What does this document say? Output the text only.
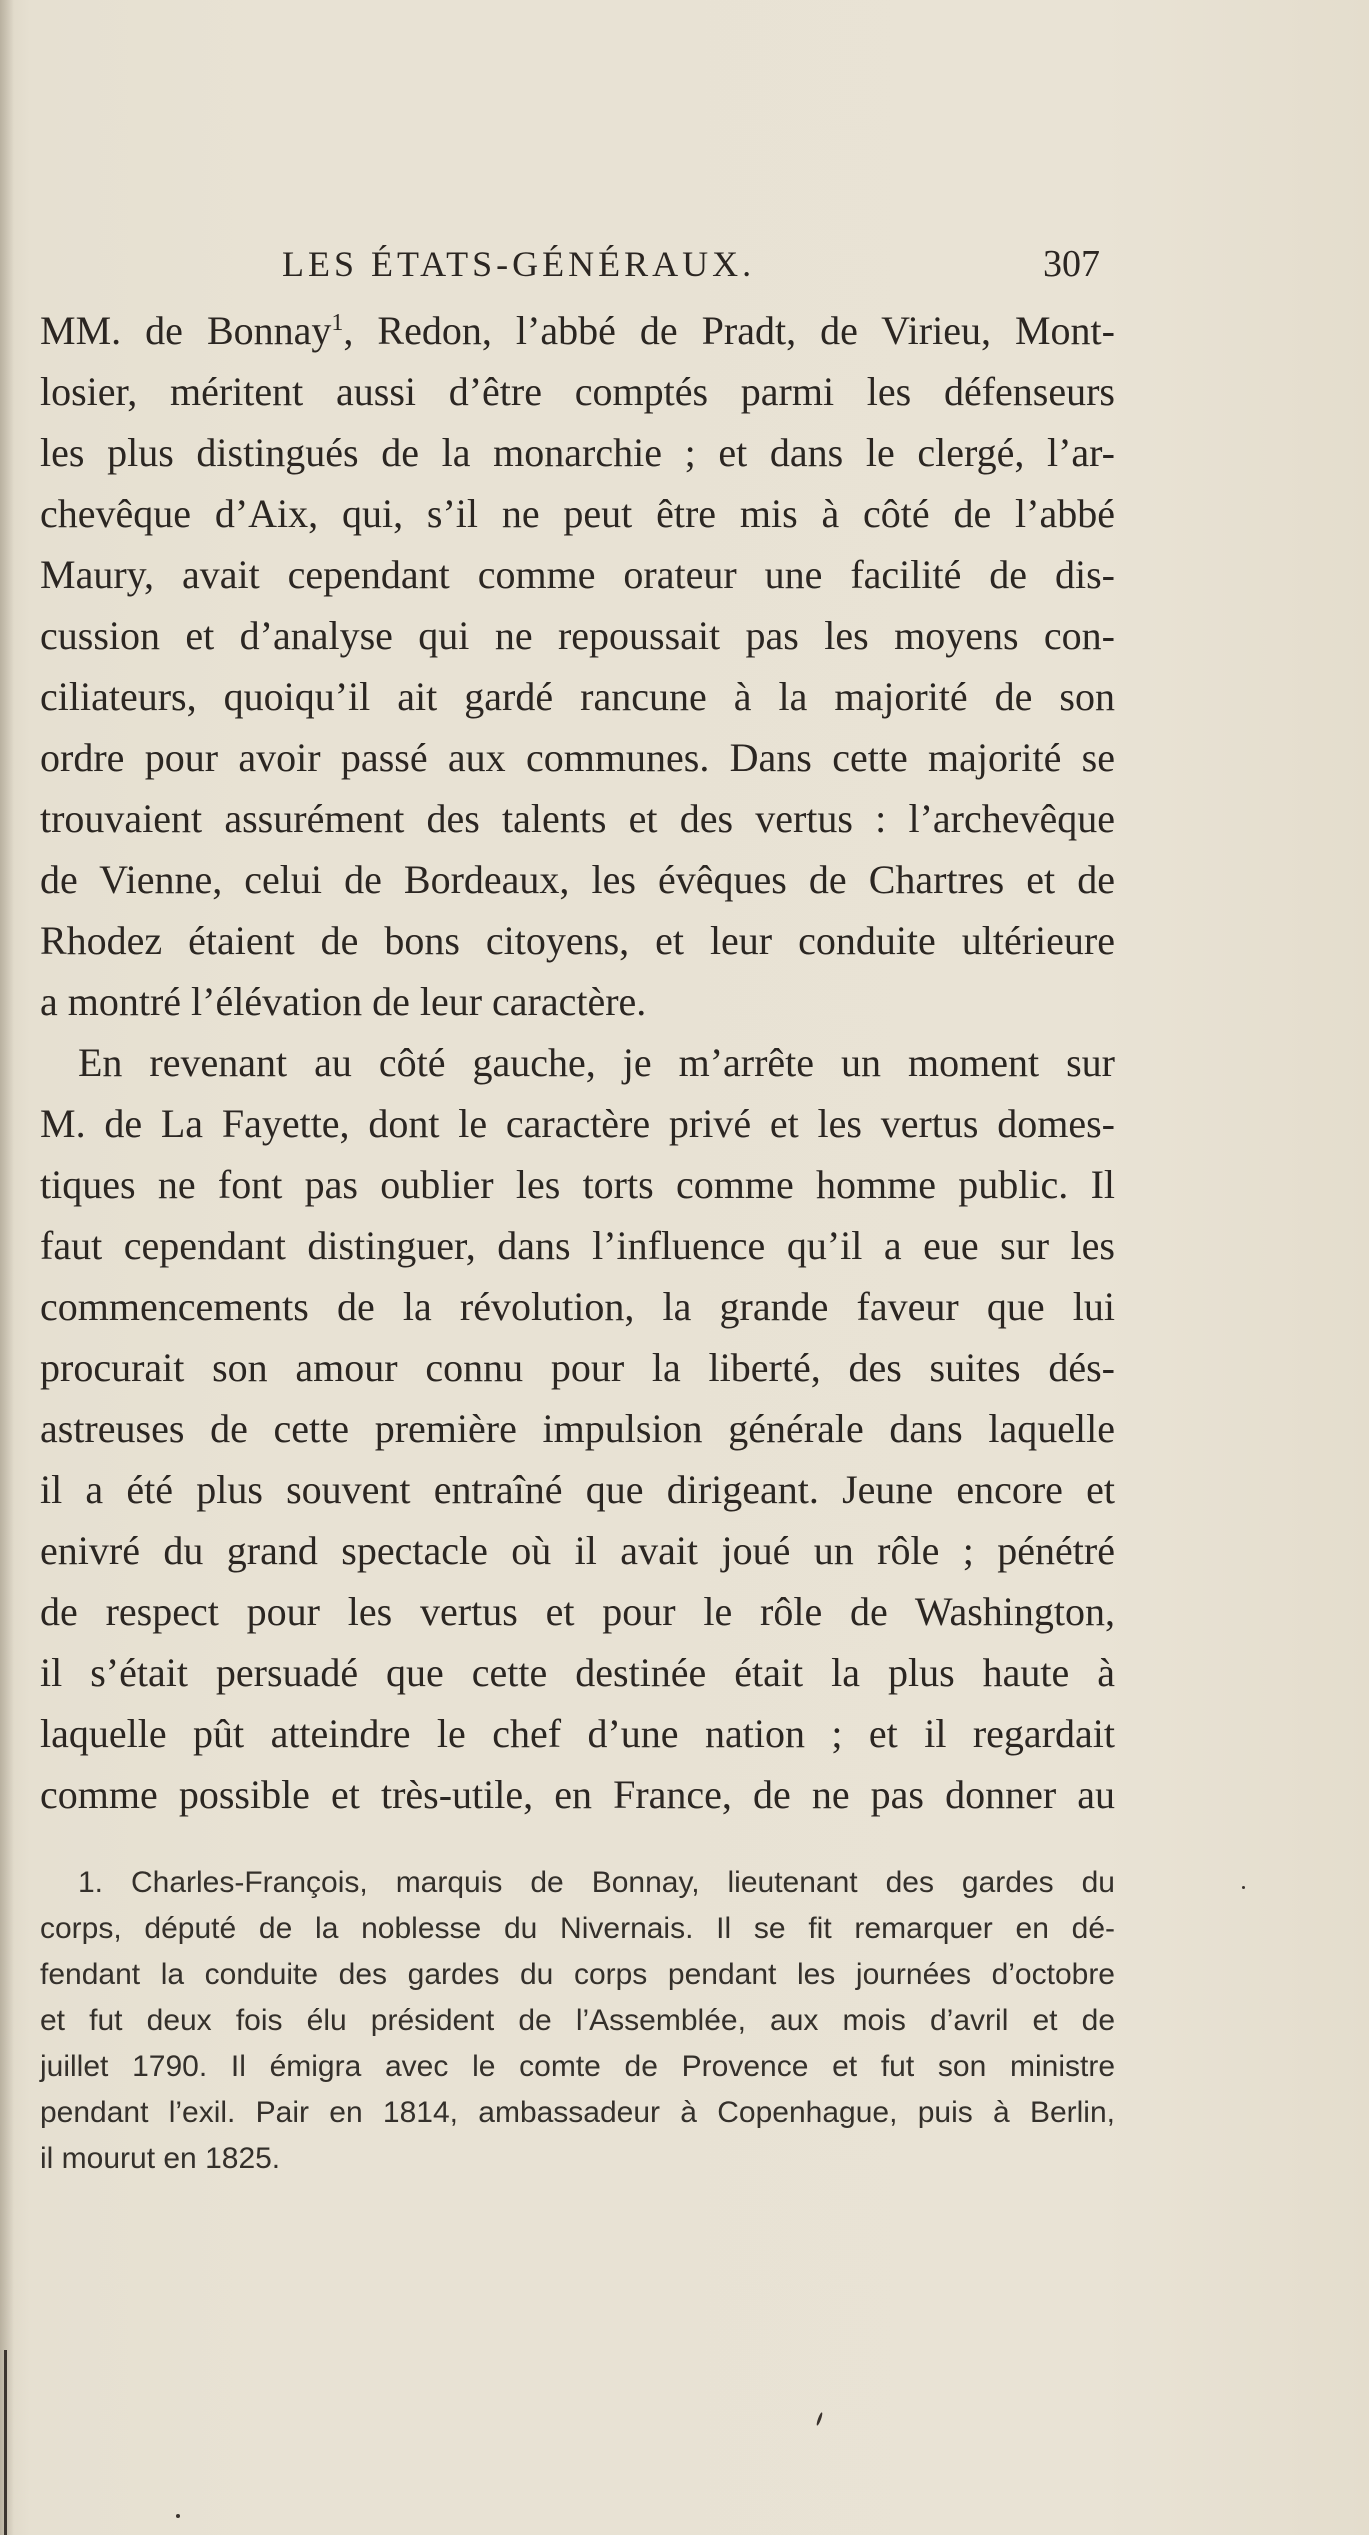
LES ÉTATS-GÉNÉRAUX.	307
MM. de Bonnay$^1$, Redon, l’abbé de Pradt, de Virieu, Mont-
losier, méritent aussi d’être comptés parmi les défenseurs
les plus distingués de la monarchie ; et dans le clergé, l’ar-
chevêque d’Aix, qui, s’il ne peut être mis à côté de l’abbé
Maury, avait cependant comme orateur une facilité de dis-
cussion et d’analyse qui ne repoussait pas les moyens con-
ciliateurs, quoiqu’il ait gardé rancune à la majorité de son
ordre pour avoir passé aux communes. Dans cette majorité se
trouvaient assurément des talents et des vertus : l’archevêque
de Vienne, celui de Bordeaux, les évêques de Chartres et de
Rhodez étaient de bons citoyens, et leur conduite ultérieure
a montré l’élévation de leur caractère.
En revenant au côté gauche, je m’arrête un moment sur
M. de La Fayette, dont le caractère privé et les vertus domes-
tiques ne font pas oublier les torts comme homme public. Il
faut cependant distinguer, dans l’influence qu’il a eue sur les
commencements de la révolution, la grande faveur que lui
procurait son amour connu pour la liberté, des suites dés-
astreuses de cette première impulsion générale dans laquelle
il a été plus souvent entraîné que dirigeant. Jeune encore et
enivré du grand spectacle où il avait joué un rôle ; pénétré
de respect pour les vertus et pour le rôle de Washington,
il s’était persuadé que cette destinée était la plus haute à
laquelle pût atteindre le chef d’une nation ; et il regardait
comme possible et très-utile, en France, de ne pas donner au
1. Charles-François, marquis de Bonnay, lieutenant des gardes du
corps, député de la noblesse du Nivernais. Il se fit remarquer en dé-
fendant la conduite des gardes du corps pendant les journées d’octobre
et fut deux fois élu président de l’Assemblée, aux mois d’avril et de
juillet 1790. Il émigra avec le comte de Provence et fut son ministre
pendant l’exil. Pair en 1814, ambassadeur à Copenhague, puis à Berlin,
il mourut en 1825.
